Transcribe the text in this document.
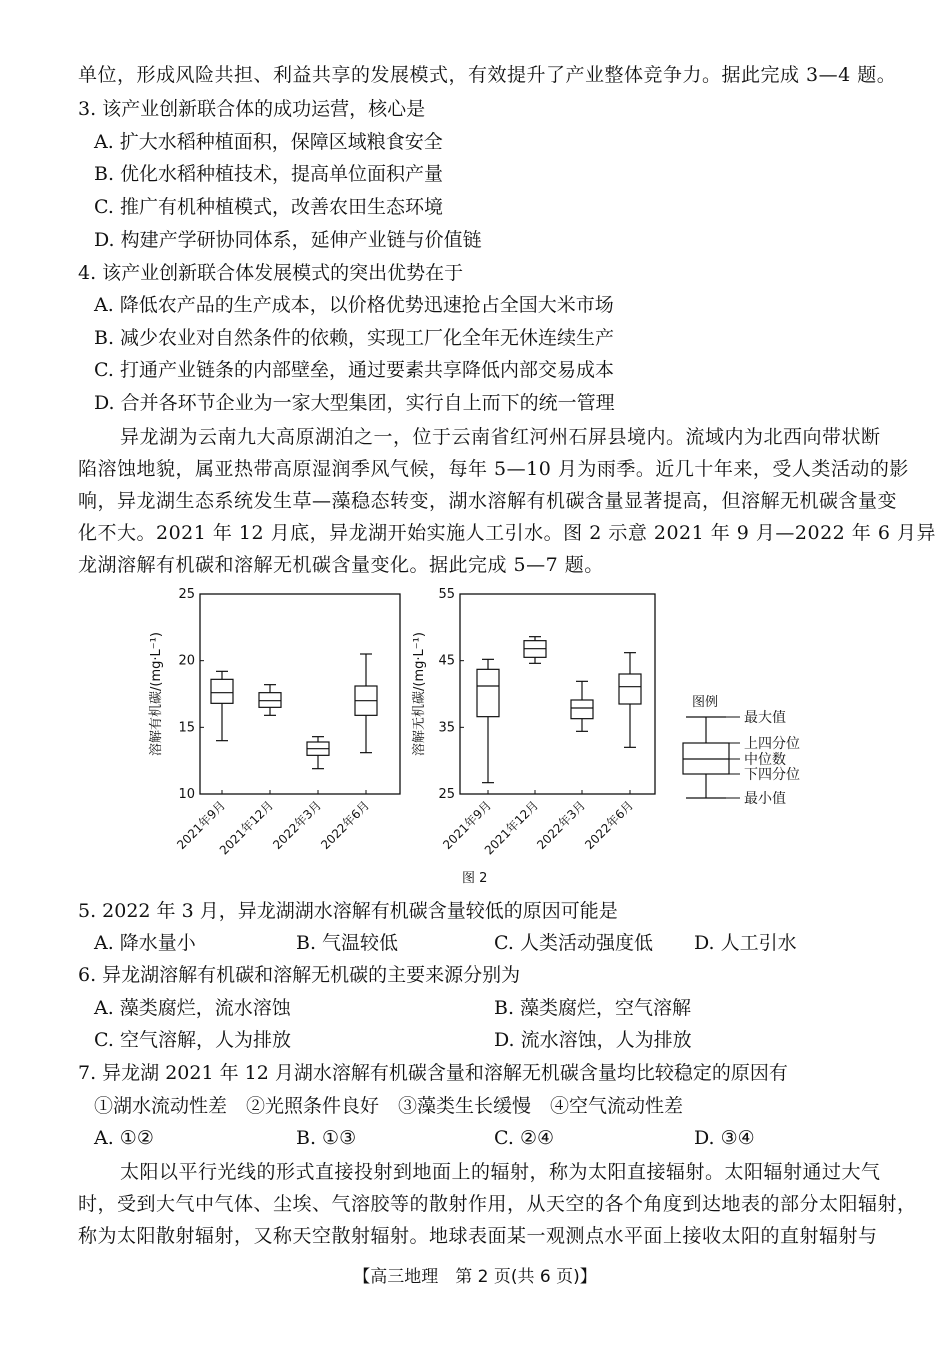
单位，形成风险共担、利益共享的发展模式，有效提升了产业整体竞争力。据此完成 3—4 题。
3. 该产业创新联合体的成功运营，核心是
A. 扩大水稻种植面积，保障区域粮食安全
B. 优化水稻种植技术，提高单位面积产量
C. 推广有机种植模式，改善农田生态环境
D. 构建产学研协同体系，延伸产业链与价值链
4. 该产业创新联合体发展模式的突出优势在于
A. 降低农产品的生产成本，以价格优势迅速抢占全国大米市场
B. 减少农业对自然条件的依赖，实现工厂化全年无休连续生产
C. 打通产业链条的内部壁垒，通过要素共享降低内部交易成本
D. 合并各环节企业为一家大型集团，实行自上而下的统一管理
异龙湖为云南九大高原湖泊之一，位于云南省红河州石屏县境内。流域内为北西向带状断
陷溶蚀地貌，属亚热带高原湿润季风气候，每年 5—10 月为雨季。近几十年来，受人类活动的影
响，异龙湖生态系统发生草—藻稳态转变，湖水溶解有机碳含量显著提高，但溶解无机碳含量变
化不大。2021 年 12 月底，异龙湖开始实施人工引水。图 2 示意 2021 年 9 月—2022 年 6 月异
龙湖溶解有机碳和溶解无机碳含量变化。据此完成 5—7 题。
10
15
20
25
溶解有机碳/(mg·L⁻¹)
2021年9月
2021年12月
2022年3月
2022年6月
25
35
45
55
溶解无机碳/(mg·L⁻¹)
2021年9月
2021年12月
2022年3月
2022年6月
图例
最大值
上四分位
中位数
下四分位
最小值
图 2
5. 2022 年 3 月，异龙湖湖水溶解有机碳含量较低的原因可能是
A. 降水量小	B. 气温较低	C. 人类活动强度低 D. 人工引水
6. 异龙湖溶解有机碳和溶解无机碳的主要来源分别为
A. 藻类腐烂，流水溶蚀	B. 藻类腐烂，空气溶解
C. 空气溶解，人为排放	D. 流水溶蚀，人为排放
7. 异龙湖 2021 年 12 月湖水溶解有机碳含量和溶解无机碳含量均比较稳定的原因有
①湖水流动性差　②光照条件良好　③藻类生长缓慢　④空气流动性差
A. ①②	B. ①③	C. ②④	D. ③④
太阳以平行光线的形式直接投射到地面上的辐射，称为太阳直接辐射。太阳辐射通过大气
时，受到大气中气体、尘埃、气溶胶等的散射作用，从天空的各个角度到达地表的部分太阳辐射，
称为太阳散射辐射，又称天空散射辐射。地球表面某一观测点水平面上接收太阳的直射辐射与
【高三地理　第 2 页(共 6 页)】
